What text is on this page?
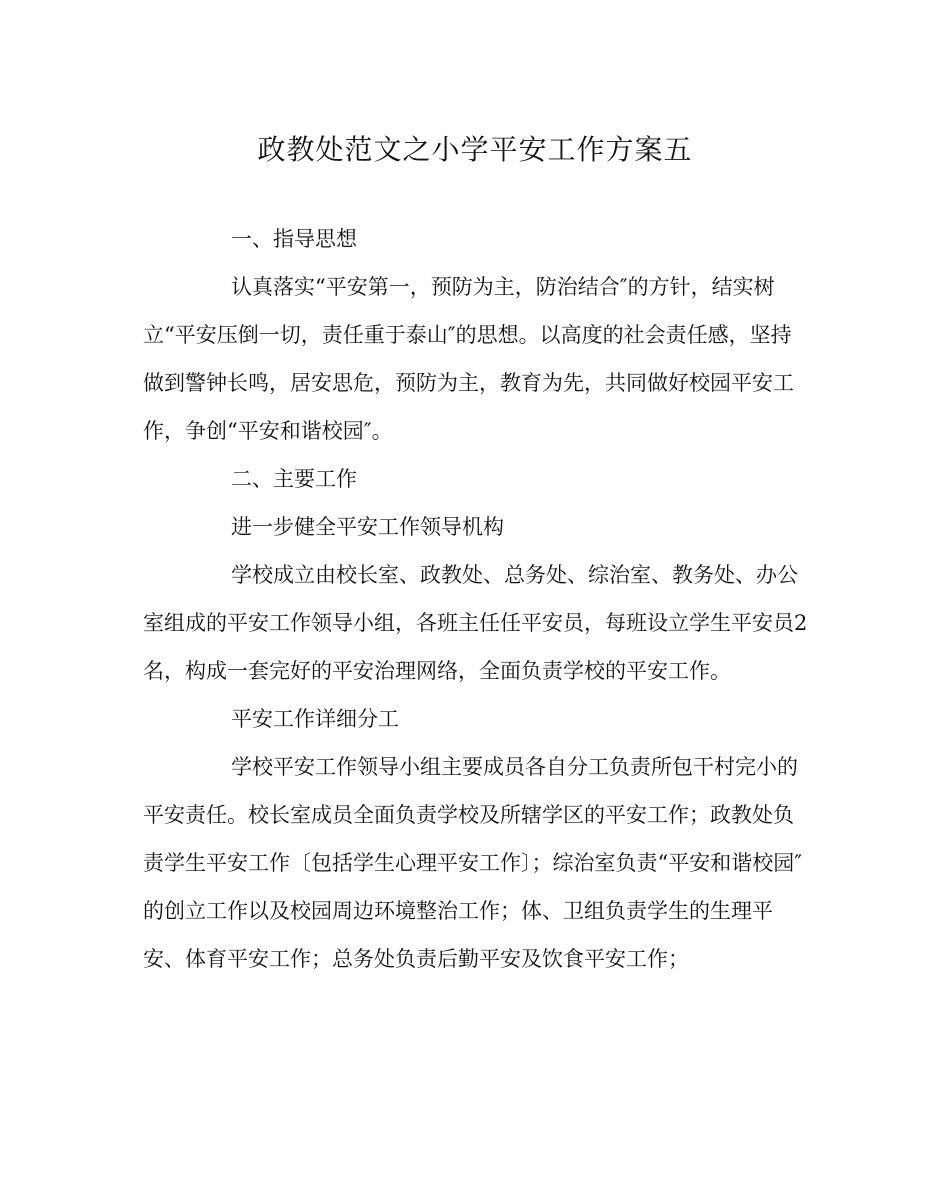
政教处范文之小学平安工作方案五

一、指导思想

认真落实“平安第一，预防为主，防治结合″的方针，结实树立“平安压倒一切，责任重于泰山″的思想。以高度的社会责任感，坚持做到警钟长鸣，居安思危，预防为主，教育为先，共同做好校园平安工作，争创“平安和谐校园″。

二、主要工作

进一步健全平安工作领导机构

学校成立由校长室、政教处、总务处、综治室、教务处、办公室组成的平安工作领导小组，各班主任任平安员，每班设立学生平安员2名，构成一套完好的平安治理网络，全面负责学校的平安工作。

平安工作详细分工

学校平安工作领导小组主要成员各自分工负责所包干村完小的平安责任。校长室成员全面负责学校及所辖学区的平安工作；政教处负责学生平安工作〔包括学生心理平安工作〕；综治室负责“平安和谐校园″的创立工作以及校园周边环境整治工作；体、卫组负责学生的生理平安、体育平安工作；总务处负责后勤平安及饮食平安工作；
